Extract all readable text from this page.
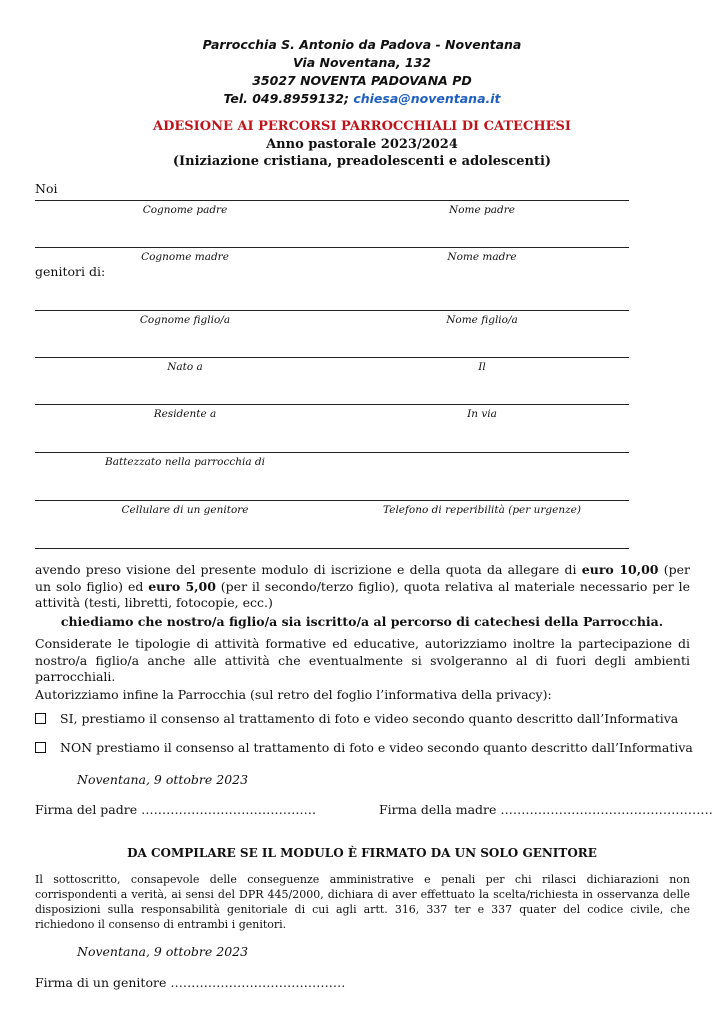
Parrocchia S. Antonio da Padova - Noventana
Via Noventana, 132
35027 NOVENTA PADOVANA PD
Tel. 049.8959132; chiesa@noventana.it
ADESIONE AI PERCORSI PARROCCHIALI DI CATECHESI
Anno pastorale 2023/2024
(Iniziazione cristiana, preadolescenti e adolescenti)
Noi
Cognome padre	Nome padre
Cognome madre	Nome madre
genitori di:
Cognome figlio/a	Nome figlio/a
Nato a	Il
Residente a	In via
Battezzato nella parrocchia di
Cellulare di un genitore	Telefono di reperibilità (per urgenze)
avendo preso visione del presente modulo di iscrizione e della quota da allegare di euro 10,00 (per un solo figlio) ed euro 5,00 (per il secondo/terzo figlio), quota relativa al materiale necessario per le attività (testi, libretti, fotocopie, ecc.)
chiediamo che nostro/a figlio/a sia iscritto/a al percorso di catechesi della Parrocchia.
Considerate le tipologie di attività formative ed educative, autorizziamo inoltre la partecipazione di nostro/a figlio/a anche alle attività che eventualmente si svolgeranno al di fuori degli ambienti parrocchiali.
Autorizziamo infine la Parrocchia (sul retro del foglio l’informativa della privacy):
SI, prestiamo il consenso al trattamento di foto e video secondo quanto descritto dall’Informativa
NON prestiamo il consenso al trattamento di foto e video secondo quanto descritto dall’Informativa
Noventana, 9 ottobre 2023
Firma del padre ……………………………………	Firma della madre ……………………………………………
DA COMPILARE SE IL MODULO È FIRMATO DA UN SOLO GENITORE
Il sottoscritto, consapevole delle conseguenze amministrative e penali per chi rilasci dichiarazioni non corrispondenti a verità, ai sensi del DPR 445/2000, dichiara di aver effettuato la scelta/richiesta in osservanza delle disposizioni sulla responsabilità genitoriale di cui agli artt. 316, 337 ter e 337 quater del codice civile, che richiedono il consenso di entrambi i genitori.
Noventana, 9 ottobre 2023
Firma di un genitore ……………………………………
